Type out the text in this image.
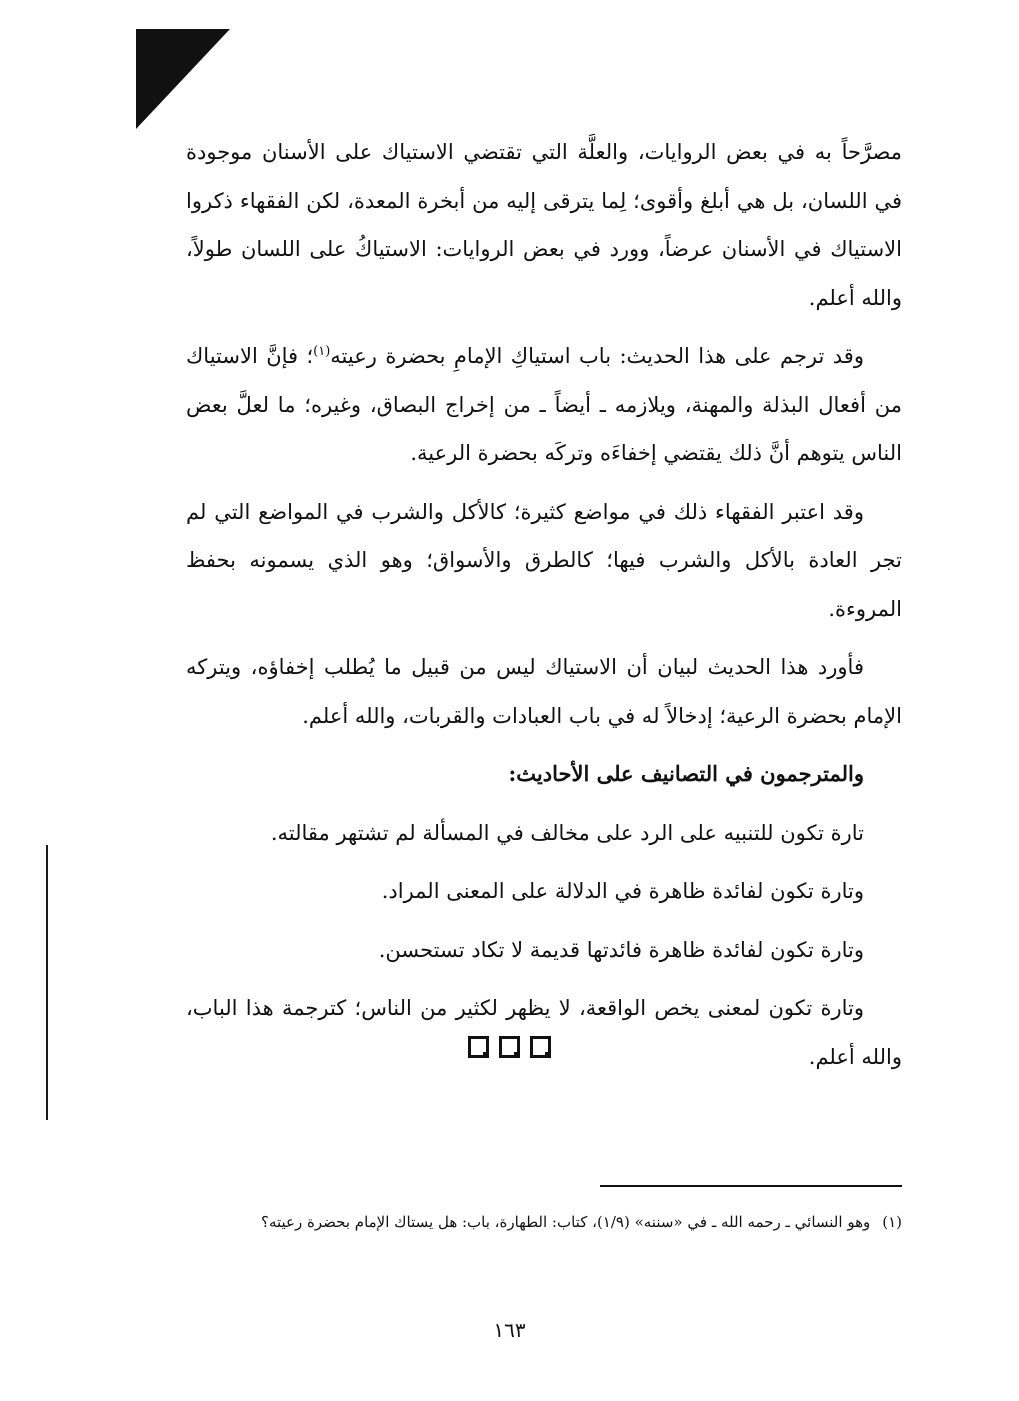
مصرَّحاً به في بعض الروايات، والعلَّة التي تقتضي الاستياك على الأسنان موجودة في اللسان، بل هي أبلغ وأقوى؛ لِما يترقى إليه من أبخرة المعدة، لكن الفقهاء ذكروا الاستياك في الأسنان عرضاً، وورد في بعض الروايات: الاستياكُ على اللسان طولاً، والله أعلم.

وقد ترجم على هذا الحديث: باب استياكِ الإمامِ بحضرة رعيته$^{(١)}$؛ فإنَّ الاستياك من أفعال البذلة والمهنة، ويلازمه ـ أيضاً ـ من إخراج البصاق، وغيره؛ ما لعلَّ بعض الناس يتوهم أنَّ ذلك يقتضي إخفاءَه وتركَه بحضرة الرعية.

وقد اعتبر الفقهاء ذلك في مواضع كثيرة؛ كالأكل والشرب في المواضع التي لم تجر العادة بالأكل والشرب فيها؛ كالطرق والأسواق؛ وهو الذي يسمونه بحفظ المروءة.

فأورد هذا الحديث لبيان أن الاستياك ليس من قبيل ما يُطلب إخفاؤه، ويتركه الإمام بحضرة الرعية؛ إدخالاً له في باب العبادات والقربات، والله أعلم.

والمترجمون في التصانيف على الأحاديث:

تارة تكون للتنبيه على الرد على مخالف في المسألة لم تشتهر مقالته.

وتارة تكون لفائدة ظاهرة في الدلالة على المعنى المراد.

وتارة تكون لفائدة ظاهرة فائدتها قديمة لا تكاد تستحسن.

وتارة تكون لمعنى يخص الواقعة، لا يظهر لكثير من الناس؛ كترجمة هذا الباب، والله أعلم.

(١)وهو النسائي ـ رحمه الله ـ في «سننه» (١/٩)، كتاب: الطهارة، باب: هل يستاك الإمام بحضرة رعيته؟
١٦٣
